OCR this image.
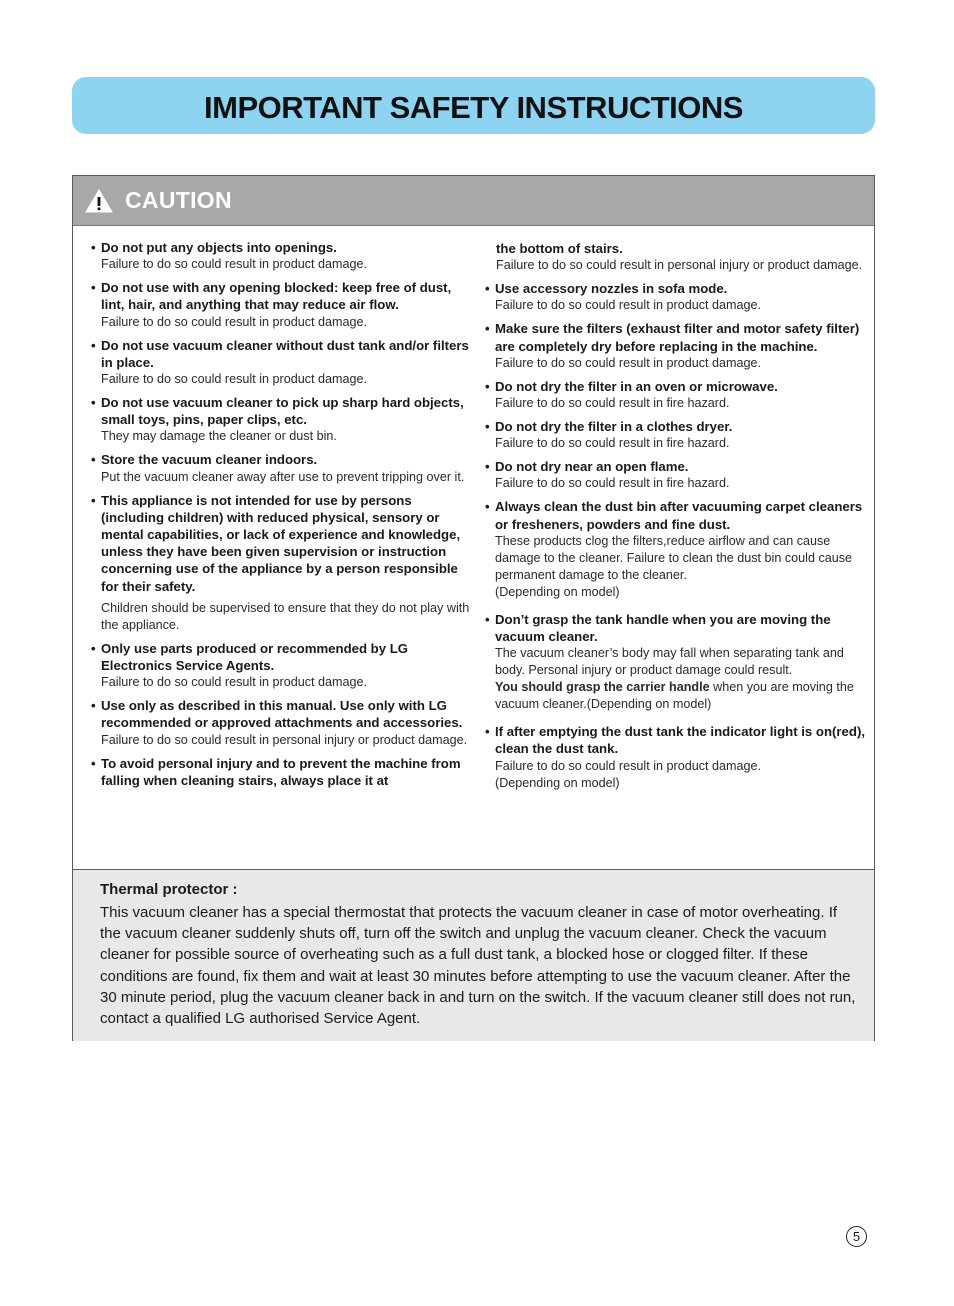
IMPORTANT SAFETY INSTRUCTIONS
CAUTION
• Do not put any objects into openings.
Failure to do so could result in product damage.
• Do not use with any opening blocked: keep free of dust, lint, hair, and anything that may reduce air flow.
Failure to do so could result in product damage.
• Do not use vacuum cleaner without dust tank and/or filters in place.
Failure to do so could result in product damage.
• Do not use vacuum cleaner to pick up sharp hard objects, small toys, pins, paper clips, etc.
They may damage the cleaner or dust bin.
• Store the vacuum cleaner indoors.
Put the vacuum cleaner away after use to prevent tripping over it.
• This appliance is not intended for use by persons (including children) with reduced physical, sensory or mental capabilities, or lack of experience and knowledge, unless they have been given supervision or instruction concerning use of the appliance by a person responsible for their safety.
Children should be supervised to ensure that they do not play with the appliance.
• Only use parts produced or recommended by LG Electronics Service Agents.
Failure to do so could result in product damage.
• Use only as described in this manual. Use only with LG recommended or approved attachments and accessories.
Failure to do so could result in personal injury or product damage.
• To avoid personal injury and to prevent the machine from falling when cleaning stairs, always place it at
the bottom of stairs.
Failure to do so could result in personal injury or product damage.
• Use accessory nozzles in sofa mode.
Failure to do so could result in product damage.
• Make sure the filters (exhaust filter and motor safety filter) are completely dry before replacing in the machine.
Failure to do so could result in product damage.
• Do not dry the filter in an oven or microwave.
Failure to do so could result in fire hazard.
• Do not dry the filter in a clothes dryer.
Failure to do so could result in fire hazard.
• Do not dry near an open flame.
Failure to do so could result in fire hazard.
• Always clean the dust bin after vacuuming carpet cleaners or fresheners, powders and fine dust.
These products clog the filters,reduce airflow and can cause damage to the cleaner. Failure to clean the dust bin could cause permanent damage to the cleaner.
(Depending on model)
• Don’t grasp the tank handle when you are moving the vacuum cleaner.
The vacuum cleaner’s body may fall when separating tank and body. Personal injury or product damage could result.
You should grasp the carrier handle when you are moving the vacuum cleaner.(Depending on model)
• If after emptying the dust tank the indicator light is on(red), clean the dust tank.
Failure to do so could result in product damage.
(Depending on model)
Thermal protector :
This vacuum cleaner has a special thermostat that protects the vacuum cleaner in case of motor overheating. If the vacuum cleaner suddenly shuts off, turn off the switch and unplug the vacuum cleaner. Check the vacuum cleaner for possible source of overheating such as a full dust tank, a blocked hose or clogged filter. If these conditions are found, fix them and wait at least 30 minutes before attempting to use the vacuum cleaner. After the 30 minute period, plug the vacuum cleaner back in and turn on the switch. If the vacuum cleaner still does not run, contact a qualified LG authorised Service Agent.
5
